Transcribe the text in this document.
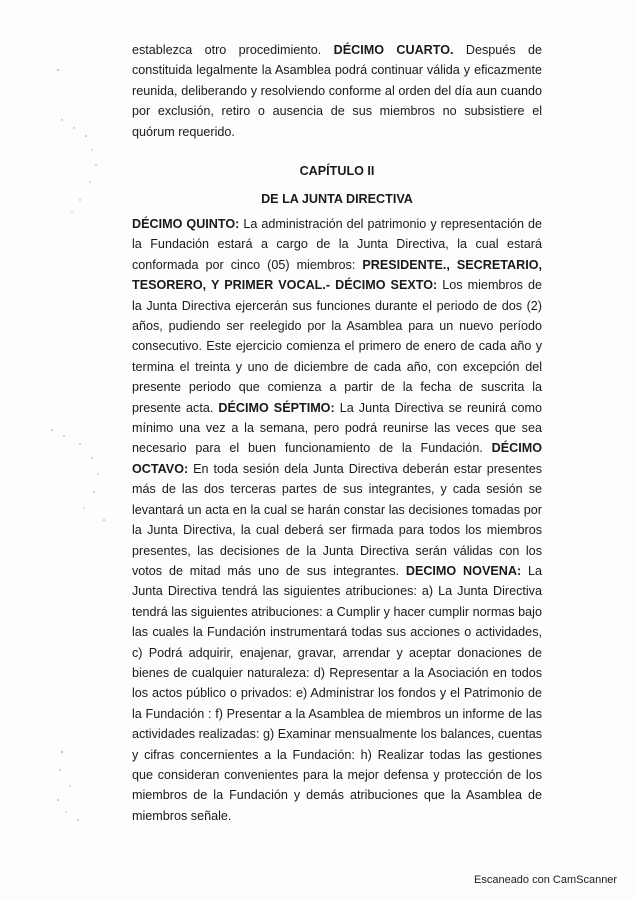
establezca otro procedimiento. DÉCIMO CUARTO. Después de constituida legalmente la Asamblea podrá continuar válida y eficazmente reunida, deliberando y resolviendo conforme al orden del día aun cuando por exclusión, retiro o ausencia de sus miembros no subsistiere el quórum requerido.
CAPÍTULO II
DE LA JUNTA DIRECTIVA
DÉCIMO QUINTO: La administración del patrimonio y representación de la Fundación estará a cargo de la Junta Directiva, la cual estará conformada por cinco (05) miembros: PRESIDENTE., SECRETARIO, TESORERO, Y PRIMER VOCAL.- DÉCIMO SEXTO: Los miembros de la Junta Directiva ejercerán sus funciones durante el periodo de dos (2) años, pudiendo ser reelegido por la Asamblea para un nuevo período consecutivo. Este ejercicio comienza el primero de enero de cada año y termina el treinta y uno de diciembre de cada año, con excepción del presente periodo que comienza a partir de la fecha de suscrita la presente acta. DÉCIMO SÉPTIMO: La Junta Directiva se reunirá como mínimo una vez a la semana, pero podrá reunirse las veces que sea necesario para el buen funcionamiento de la Fundación. DÉCIMO OCTAVO: En toda sesión dela Junta Directiva deberán estar presentes más de las dos terceras partes de sus integrantes, y cada sesión se levantará un acta en la cual se harán constar las decisiones tomadas por la Junta Directiva, la cual deberá ser firmada para todos los miembros presentes, las decisiones de la Junta Directiva serán válidas con los votos de mitad más uno de sus integrantes. DECIMO NOVENA: La Junta Directiva tendrá las siguientes atribuciones: a) La Junta Directiva tendrá las siguientes atribuciones: a Cumplir y hacer cumplir normas bajo las cuales la Fundación instrumentará todas sus acciones o actividades, c) Podrá adquirir, enajenar, gravar, arrendar y aceptar donaciones de bienes de cualquier naturaleza: d) Representar a la Asociación en todos los actos público o privados: e) Administrar los fondos y el Patrimonio de la Fundación : f) Presentar a la Asamblea de miembros un informe de las actividades realizadas: g) Examinar mensualmente los balances, cuentas y cifras concernientes a la Fundación: h) Realizar todas las gestiones que consideran convenientes para la mejor defensa y protección de los miembros de la Fundación y demás atribuciones que la Asamblea de miembros señale.
Escaneado con CamScanner
